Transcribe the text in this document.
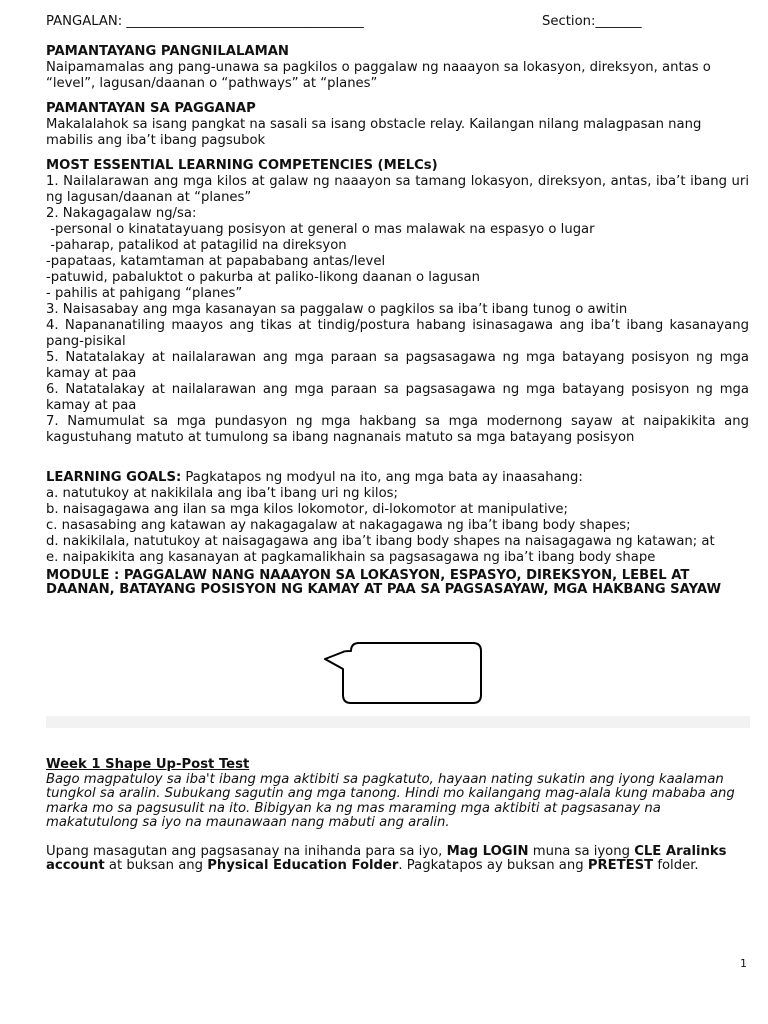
PANGALAN: ____________________________________	Section:_______
PAMANTAYANG PANGNILALAMAN
Naipamamalas ang pang-unawa sa pagkilos o paggalaw ng naaayon sa lokasyon, direksyon, antas o “level”, lagusan/daanan o “pathways” at “planes”
PAMANTAYAN SA PAGGANAP
Makalalahok sa isang pangkat na sasali sa isang obstacle relay. Kailangan nilang malagpasan nang mabilis ang iba’t ibang pagsubok
MOST ESSENTIAL LEARNING COMPETENCIES (MELCs)
1. Nailalarawan ang mga kilos at galaw ng naaayon sa tamang lokasyon, direksyon, antas, iba’t ibang uri ng lagusan/daanan at “planes”
2. Nakagagalaw ng/sa:
-personal o kinatatayuang posisyon at general o mas malawak na espasyo o lugar
-paharap, patalikod at patagilid na direksyon
-papataas, katamtaman at papababang antas/level
-patuwid, pabaluktot o pakurba at paliko-likong daanan o lagusan
- pahilis at pahigang “planes”
3. Naisasabay ang mga kasanayan sa paggalaw o pagkilos sa iba’t ibang tunog o awitin
4. Napananatiling maayos ang tikas at tindig/postura habang isinasagawa ang iba’t ibang kasanayang pang-pisikal
5. Natatalakay at nailalarawan ang mga paraan sa pagsasagawa ng mga batayang posisyon ng mga kamay at paa
6. Natatalakay at nailalarawan ang mga paraan sa pagsasagawa ng mga batayang posisyon ng mga kamay at paa
7. Namumulat sa mga pundasyon ng mga hakbang sa mga modernong sayaw at naipakikita ang kagustuhang matuto at tumulong sa ibang nagnanais matuto sa mga batayang posisyon
LEARNING GOALS: Pagkatapos ng modyul na ito, ang mga bata ay inaasahang:
a. natutukoy at nakikilala ang iba’t ibang uri ng kilos;
b. naisagagawa ang ilan sa mga kilos lokomotor, di-lokomotor at manipulative;
c. nasasabing ang katawan ay nakagagalaw at nakagagawa ng iba’t ibang body shapes;
d. nakikilala, natutukoy at naisagagawa ang iba’t ibang body shapes na naisagagawa ng katawan; at
e. naipakikita ang kasanayan at pagkamalikhain sa pagsasagawa ng iba’t ibang body shape
MODULE : PAGGALAW NANG NAAAYON SA LOKASYON, ESPASYO, DIREKSYON, LEBEL AT DAANAN, BATAYANG POSISYON NG KAMAY AT PAA SA PAGSASAYAW, MGA HAKBANG SAYAW
Week 1 Shape Up-Post Test
Bago magpatuloy sa iba't ibang mga aktibiti sa pagkatuto, hayaan nating sukatin ang iyong kaalaman tungkol sa aralin. Subukang sagutin ang mga tanong. Hindi mo kailangang mag-alala kung mababa ang marka mo sa pagsusulit na ito. Bibigyan ka ng mas maraming mga aktibiti at pagsasanay na makatutulong sa iyo na maunawaan nang mabuti ang aralin.
Upang masagutan ang pagsasanay na inihanda para sa iyo, Mag LOGIN muna sa iyong CLE Aralinks account at buksan ang Physical Education Folder. Pagkatapos ay buksan ang PRETEST folder.
1
